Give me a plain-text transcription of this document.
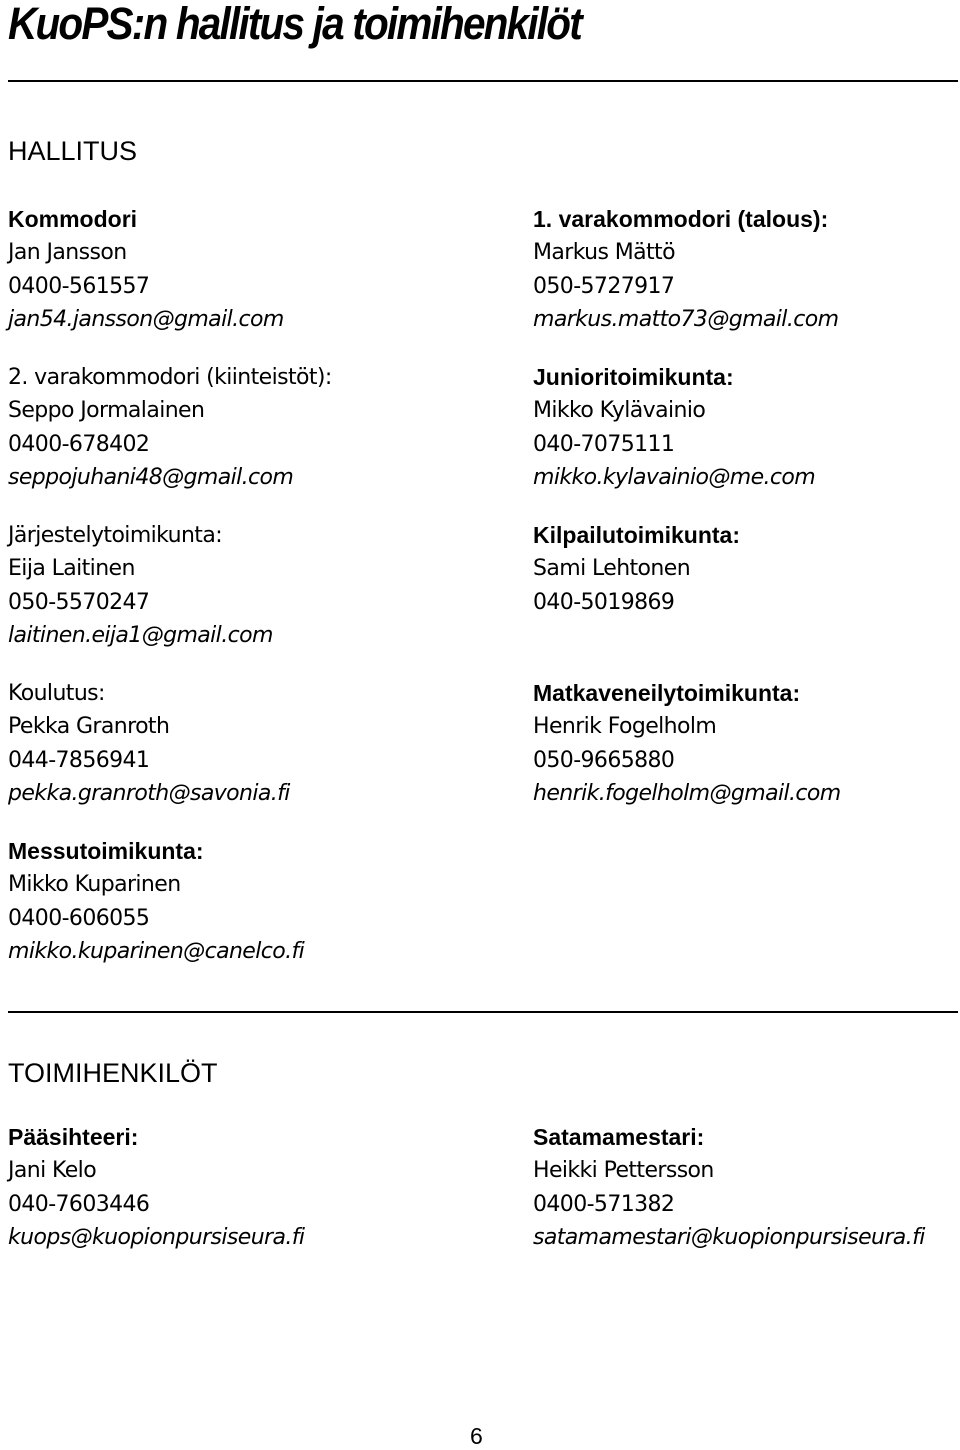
KuoPS:n hallitus ja toimihenkilöt
HALLITUS
Kommodori
Jan Jansson
0400-561557
jan54.jansson@gmail.com
2. varakommodori (kiinteistöt):
Seppo Jormalainen
0400-678402
seppojuhani48@gmail.com
Järjestelytoimikunta:
Eija Laitinen
050-5570247
laitinen.eija1@gmail.com
Koulutus:
Pekka Granroth
044-7856941
pekka.granroth@savonia.fi
Messutoimikunta:
Mikko Kuparinen
0400-606055
mikko.kuparinen@canelco.fi
1. varakommodori (talous):
Markus Mättö
050-5727917
markus.matto73@gmail.com
Junioritoimikunta:
Mikko Kylävainio
040-7075111
mikko.kylavainio@me.com
Kilpailutoimikunta:
Sami Lehtonen
040-5019869
Matkaveneilytoimikunta:
Henrik Fogelholm
050-9665880
henrik.fogelholm@gmail.com
TOIMIHENKILÖT
Pääsihteeri:
Jani Kelo
040-7603446
kuops@kuopionpursiseura.fi
Satamamestari:
Heikki Pettersson
0400-571382
satamamestari@kuopionpursiseura.fi
6
